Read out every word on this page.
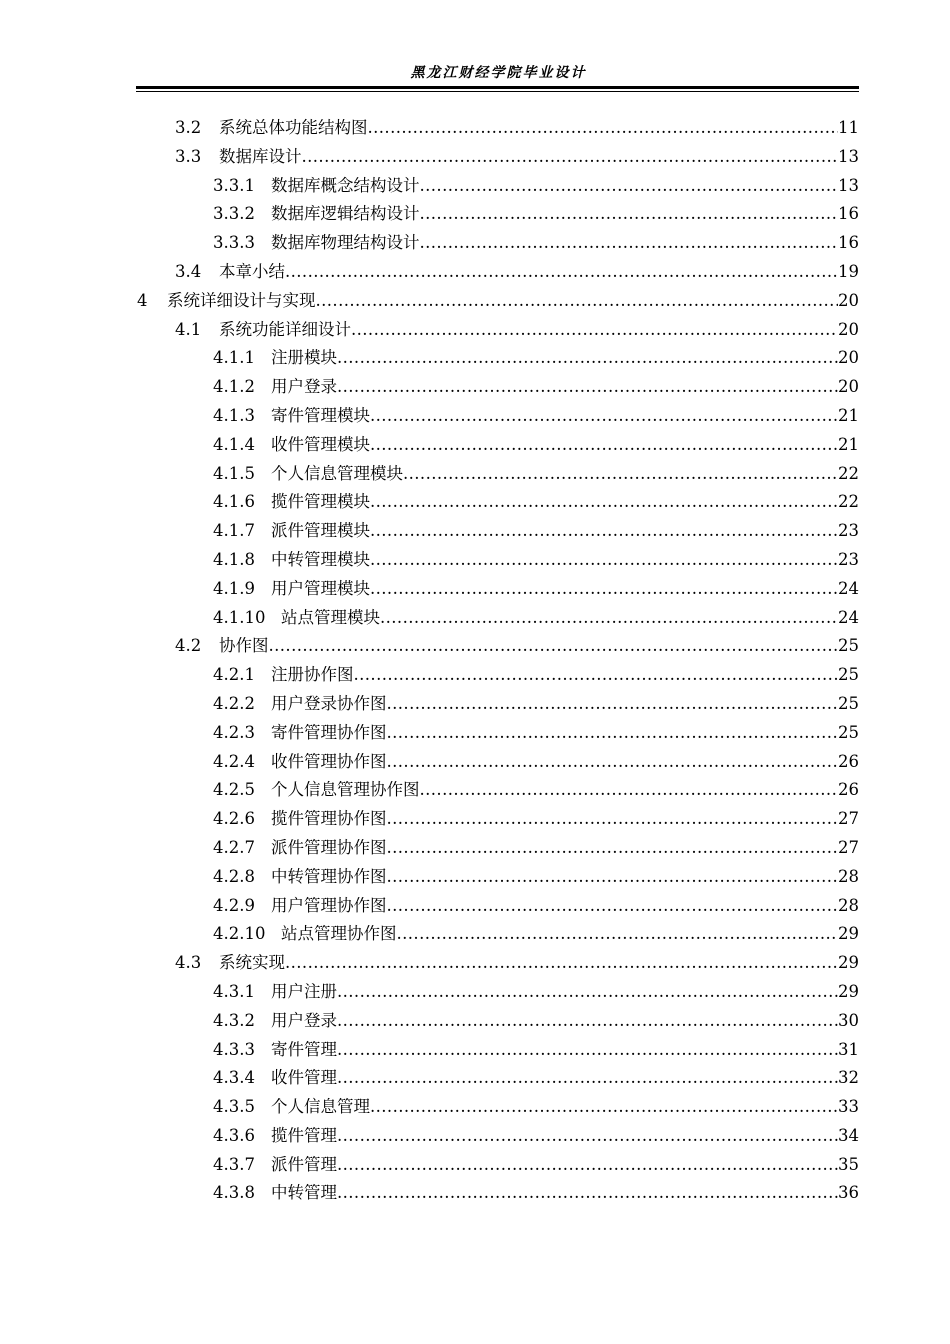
黑龙江财经学院毕业设计
3.2	系统总体功能结构图 .....	11
3.3	数据库设计 .....	13
3.3.1 数据库概念结构设计 .....	13
3.3.2 数据库逻辑结构设计 .....	16
3.3.3 数据库物理结构设计 .....	16
3.4	本章小结 .....	19
4	系统详细设计与实现 .....	20
4.1	系统功能详细设计 .....	20
4.1.1 注册模块 .....	20
4.1.2 用户登录 .....	20
4.1.3 寄件管理模块 .....	21
4.1.4 收件管理模块 .....	21
4.1.5 个人信息管理模块 .....	22
4.1.6 揽件管理模块 .....	22
4.1.7 派件管理模块 .....	23
4.1.8 中转管理模块 .....	23
4.1.9 用户管理模块 .....	24
4.1.10 站点管理模块 .....	24
4.2	协作图 .....	25
4.2.1 注册协作图 .....	25
4.2.2 用户登录协作图 .....	25
4.2.3 寄件管理协作图 .....	25
4.2.4 收件管理协作图 .....	26
4.2.5 个人信息管理协作图 .....	26
4.2.6 揽件管理协作图 .....	27
4.2.7 派件管理协作图 .....	27
4.2.8 中转管理协作图 .....	28
4.2.9 用户管理协作图 .....	28
4.2.10 站点管理协作图 .....	29
4.3	系统实现 .....	29
4.3.1 用户注册 .....	29
4.3.2 用户登录 .....	30
4.3.3 寄件管理 .....	31
4.3.4 收件管理 .....	32
4.3.5 个人信息管理 .....	33
4.3.6 揽件管理 .....	34
4.3.7 派件管理 .....	35
4.3.8 中转管理 .....	36
